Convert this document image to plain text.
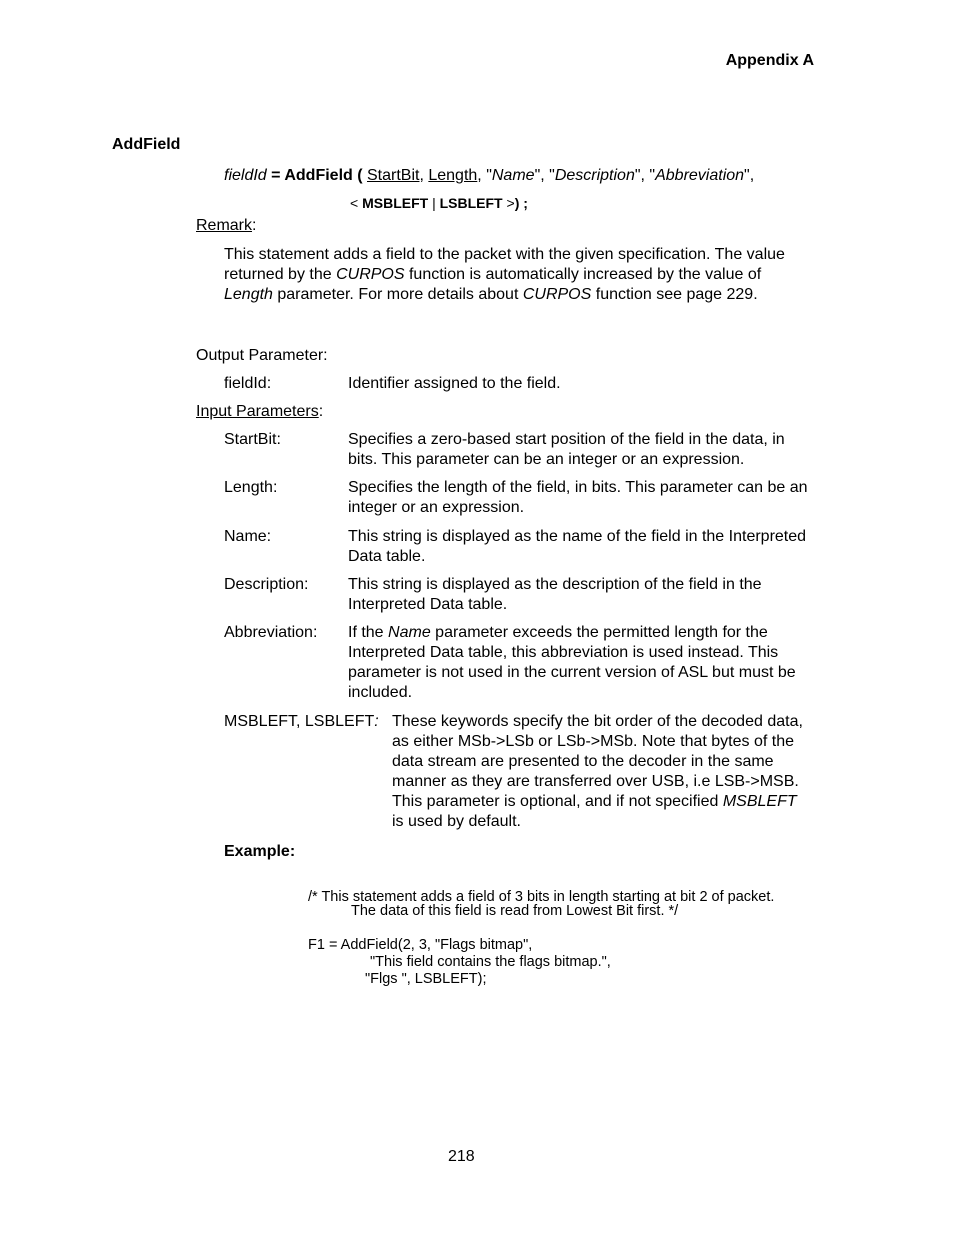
Appendix A
AddField
fieldId = AddField ( StartBit, Length, "Name", "Description", "Abbreviation",
< MSBLEFT | LSBLEFT >) ;
Remark:
This statement adds a field to the packet with the given specification. The value returned by the CURPOS function is automatically increased by the value of Length parameter. For more details about CURPOS function see page 229.
Output Parameter:
fieldId:	Identifier assigned to the field.
Input Parameters:
StartBit:	Specifies a zero-based start position of the field in the data, in bits. This parameter can be an integer or an expression.
Length:	Specifies the length of the field, in bits. This parameter can be an integer or an expression.
Name:	This string is displayed as the name of the field in the Interpreted Data table.
Description: This string is displayed as the description of the field in the Interpreted Data table.
Abbreviation: If the Name parameter exceeds the permitted length for the Interpreted Data table, this abbreviation is used instead. This parameter is not used in the current version of ASL but must be included.
MSBLEFT, LSBLEFT: These keywords specify the bit order of the decoded data, as either MSb->LSb or LSb->MSb. Note that bytes of the data stream are presented to the decoder in the same manner as they are transferred over USB, i.e LSB->MSB. This parameter is optional, and if not specified MSBLEFT is used by default.
Example:
/* This statement adds a field of 3 bits in length starting at bit 2 of packet.
The data of this field is read from Lowest Bit first. */
F1 = AddField(2, 3, "Flags bitmap",
"This field contains the flags bitmap.",
"Flgs ", LSBLEFT);
218
